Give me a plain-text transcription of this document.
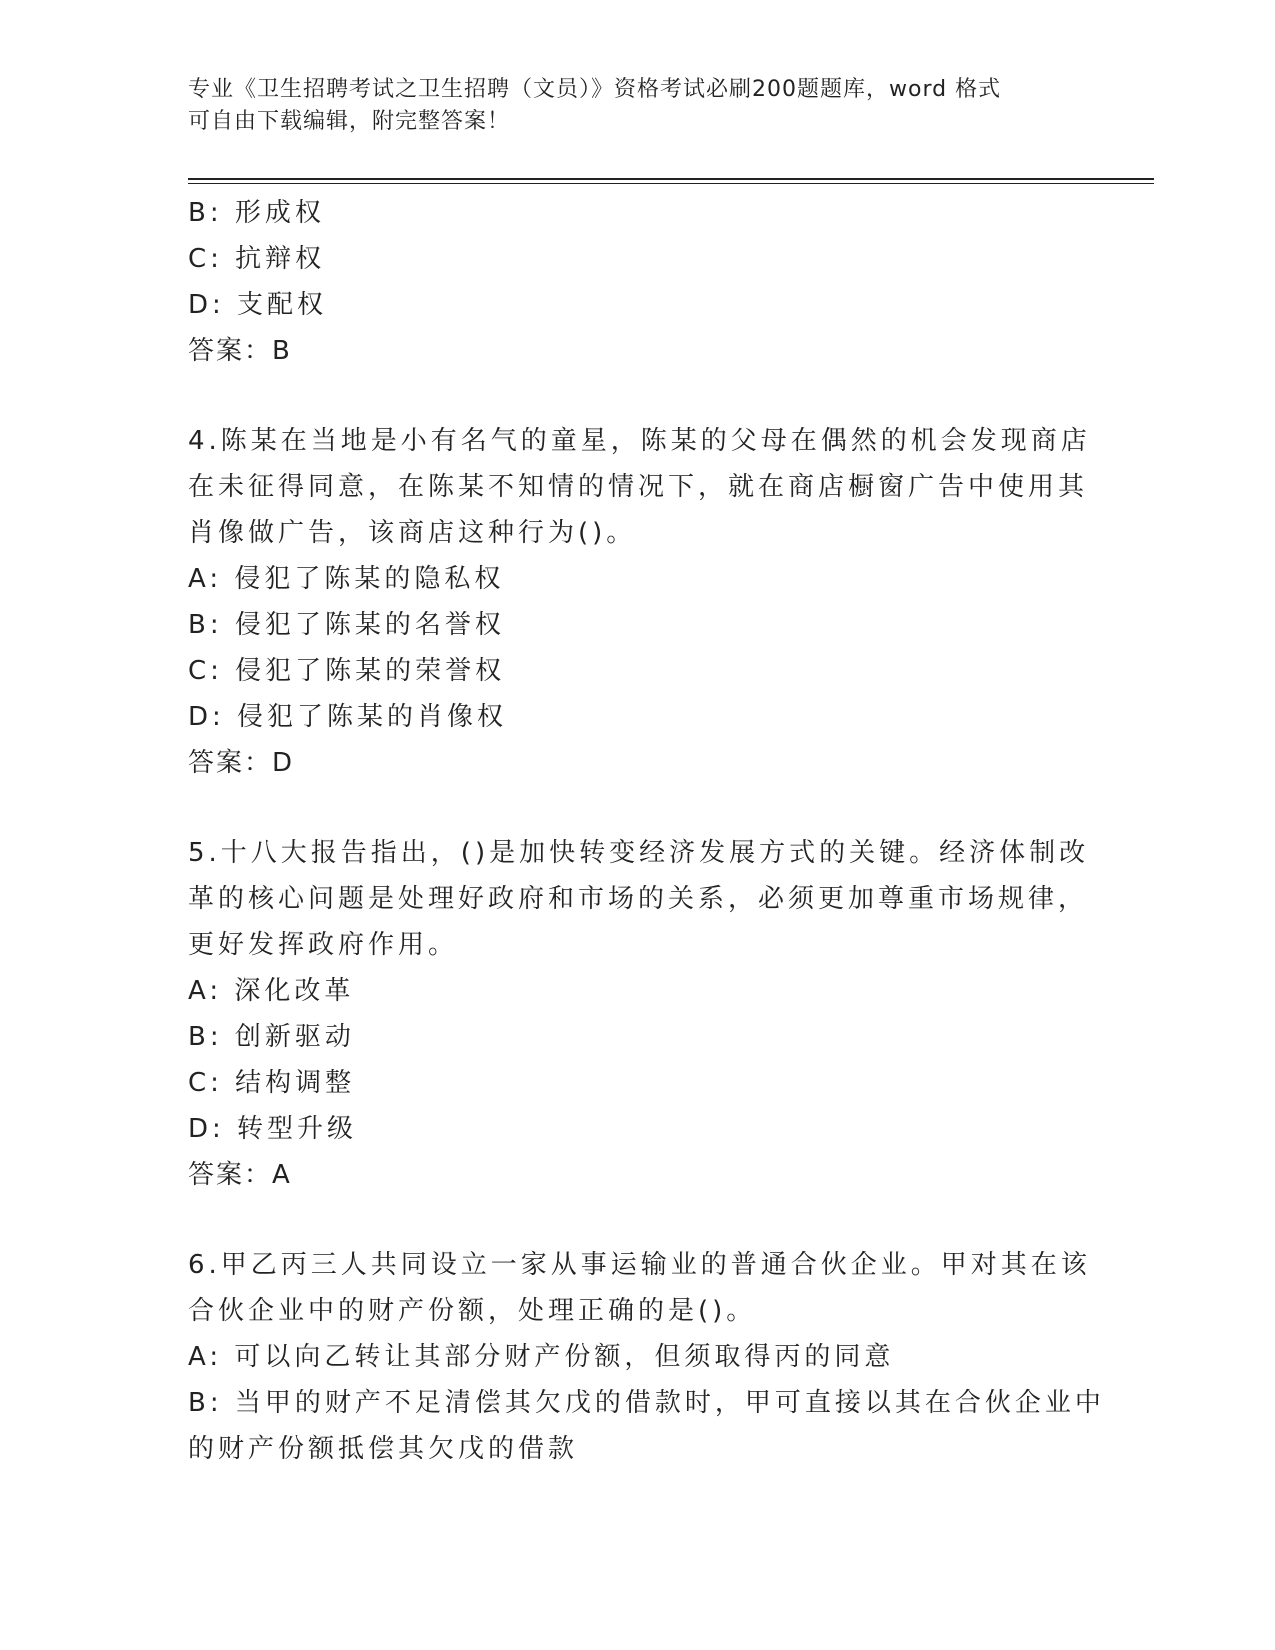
专业《卫生招聘考试之卫生招聘（文员）》资格考试必刷200题题库，word 格式
可自由下载编辑，附完整答案！
B: 形成权
C: 抗辩权
D: 支配权
答案：B
4.陈某在当地是小有名气的童星，陈某的父母在偶然的机会发现商店
在未征得同意，在陈某不知情的情况下，就在商店橱窗广告中使用其
肖像做广告，该商店这种行为()。
A: 侵犯了陈某的隐私权
B: 侵犯了陈某的名誉权
C: 侵犯了陈某的荣誉权
D: 侵犯了陈某的肖像权
答案：D
5.十八大报告指出，()是加快转变经济发展方式的关键。经济体制改
革的核心问题是处理好政府和市场的关系，必须更加尊重市场规律，
更好发挥政府作用。
A: 深化改革
B: 创新驱动
C: 结构调整
D: 转型升级
答案：A
6.甲乙丙三人共同设立一家从事运输业的普通合伙企业。甲对其在该
合伙企业中的财产份额，处理正确的是()。
A: 可以向乙转让其部分财产份额，但须取得丙的同意
B: 当甲的财产不足清偿其欠戊的借款时，甲可直接以其在合伙企业中
的财产份额抵偿其欠戊的借款
